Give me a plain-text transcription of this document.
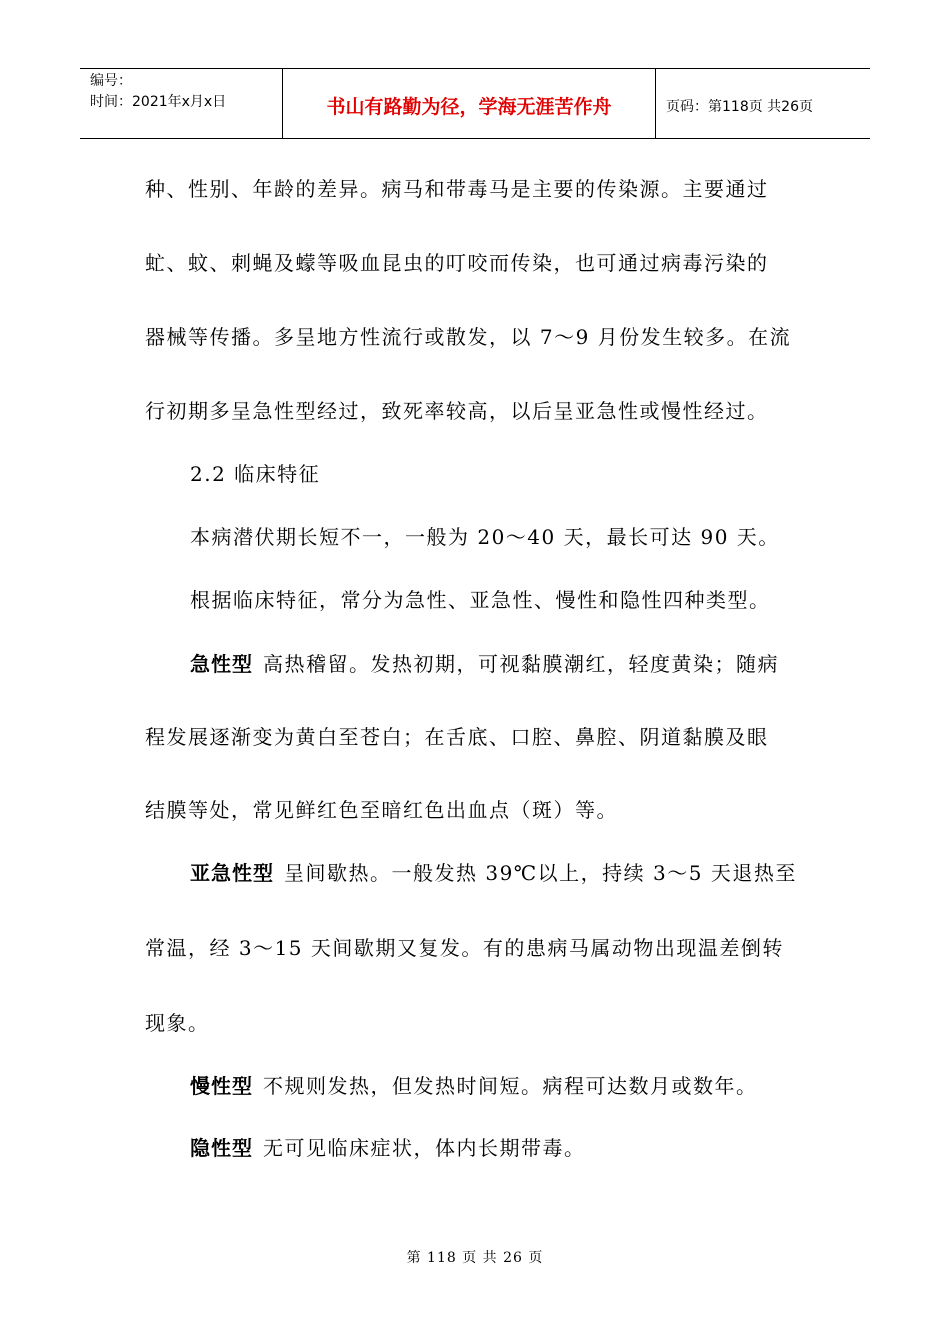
编号：
时间：2021年x月x日	书山有路勤为径，学海无涯苦作舟	页码：第118页 共26页
种、性别、年龄的差异。病马和带毒马是主要的传染源。主要通过
虻、蚊、刺蝇及蠓等吸血昆虫的叮咬而传染，也可通过病毒污染的
器械等传播。多呈地方性流行或散发，以 7～9 月份发生较多。在流
行初期多呈急性型经过，致死率较高，以后呈亚急性或慢性经过。
2.2 临床特征
本病潜伏期长短不一，一般为 20～40 天，最长可达 90 天。
根据临床特征，常分为急性、亚急性、慢性和隐性四种类型。
急性型 高热稽留。发热初期，可视黏膜潮红，轻度黄染；随病
程发展逐渐变为黄白至苍白；在舌底、口腔、鼻腔、阴道黏膜及眼
结膜等处，常见鲜红色至暗红色出血点（斑）等。
亚急性型 呈间歇热。一般发热 39℃以上，持续 3～5 天退热至
常温，经 3～15 天间歇期又复发。有的患病马属动物出现温差倒转
现象。
慢性型 不规则发热，但发热时间短。病程可达数月或数年。
隐性型 无可见临床症状，体内长期带毒。
第 118 页 共 26 页
